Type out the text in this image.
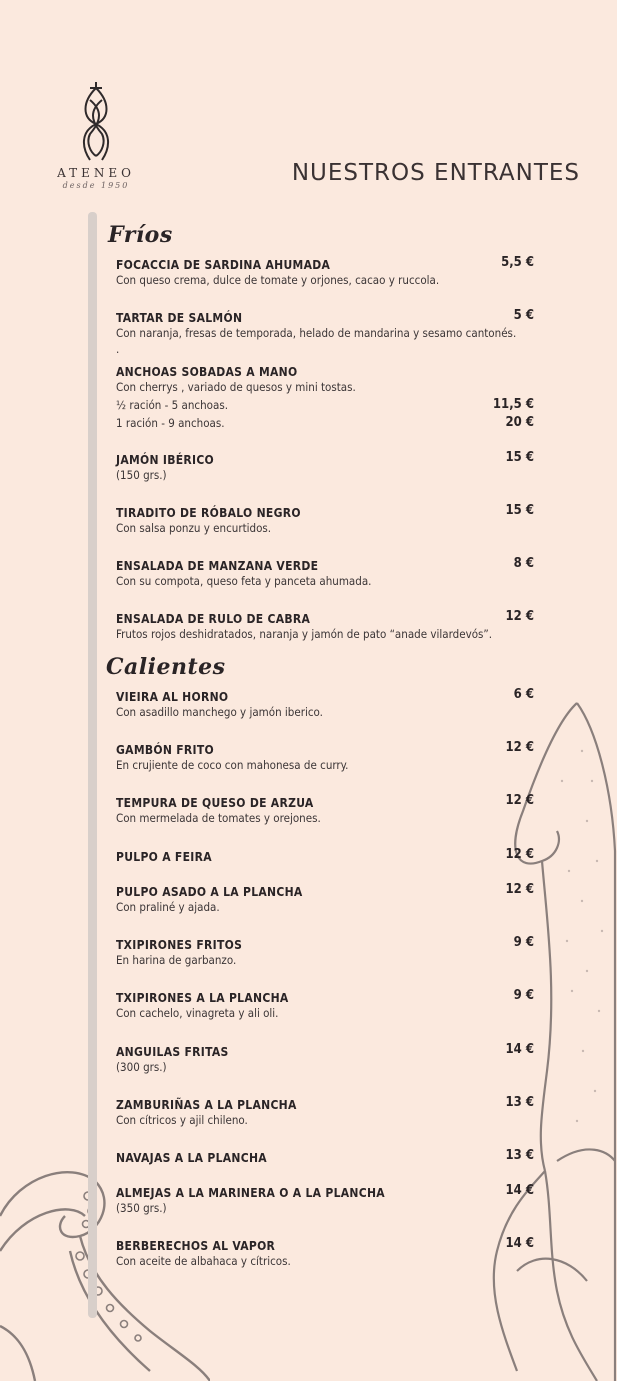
ATENEO
desde 1950	NUESTROS ENTRANTES
Fríos
FOCACCIA DE SARDINA AHUMADA	5,5 €
Con queso crema, dulce de tomate y orjones, cacao y ruccola.
TARTAR DE SALMÓN	5 €
Con naranja, fresas de temporada, helado de mandarina y sesamo cantonés.
.
ANCHOAS SOBADAS A MANO
Con cherrys , variado de quesos y mini tostas.
½ ración - 5 anchoas.	11,5 €
1 ración - 9 anchoas.	20 €
JAMÓN IBÉRICO	15 €
(150 grs.)
TIRADITO DE RÓBALO NEGRO	15 €
Con salsa ponzu y encurtidos.
ENSALADA DE MANZANA VERDE	8 €
Con su compota, queso feta y panceta ahumada.
ENSALADA DE RULO DE CABRA	12 €
Frutos rojos deshidratados, naranja y jamón de pato “anade vilardevós”.
Calientes
VIEIRA AL HORNO	6 €
Con asadillo manchego y jamón iberico.
GAMBÓN FRITO	12 €
En crujiente de coco con mahonesa de curry.
TEMPURA DE QUESO DE ARZUA	12 €
Con mermelada de tomates y orejones.
PULPO A FEIRA	12 €
PULPO ASADO A LA PLANCHA	12 €
Con praliné y ajada.
TXIPIRONES FRITOS	9 €
En harina de garbanzo.
TXIPIRONES A LA PLANCHA	9 €
Con cachelo, vinagreta y ali oli.
ANGUILAS FRITAS	14 €
(300 grs.)
ZAMBURIÑAS A LA PLANCHA	13 €
Con cítricos y ajil chileno.
NAVAJAS A LA PLANCHA	13 €
ALMEJAS A LA MARINERA O A LA PLANCHA	14 €
(350 grs.)
BERBERECHOS AL VAPOR	14 €
Con aceite de albahaca y cítricos.
